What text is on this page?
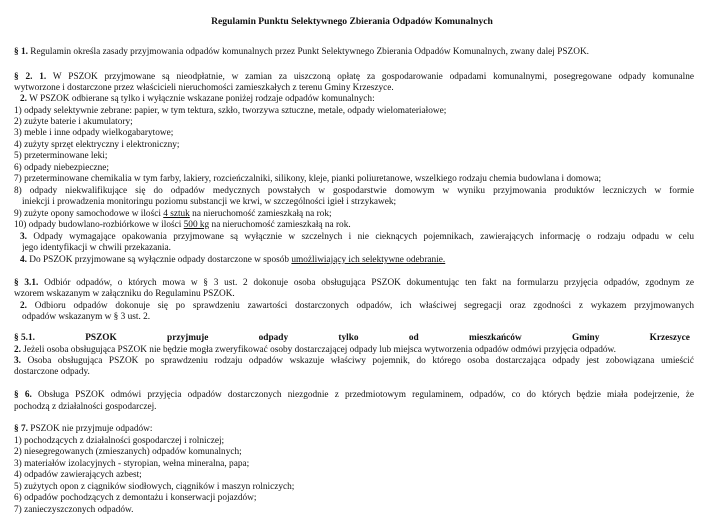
Regulamin Punktu Selektywnego Zbierania Odpadów Komunalnych
§ 1. Regulamin określa zasady przyjmowania odpadów komunalnych przez Punkt Selektywnego Zbierania Odpadów Komunalnych, zwany dalej PSZOK.
§ 2. 1. W PSZOK przyjmowane są nieodpłatnie, w zamian za uiszczoną opłatę za gospodarowanie odpadami komunalnymi, posegregowane odpady komunalne
wytworzone i dostarczone przez właścicieli nieruchomości zamieszkałych z terenu Gminy Krzeszyce.
2. W PSZOK odbierane są tylko i wyłącznie wskazane poniżej rodzaje odpadów komunalnych:
1) odpady selektywnie zebrane: papier, w tym tektura, szkło, tworzywa sztuczne, metale, odpady wielomateriałowe;
2) zużyte baterie i akumulatory;
3) meble i inne odpady wielkogabarytowe;
4) zużyty sprzęt elektryczny i elektroniczny;
5) przeterminowane leki;
6) odpady niebezpieczne;
7) przeterminowane chemikalia w tym farby, lakiery, rozcieńczalniki, silikony, kleje, pianki poliuretanowe, wszelkiego rodzaju chemia budowlana i domowa;
8) odpady niekwalifikujące się do odpadów medycznych powstałych w gospodarstwie domowym w wyniku przyjmowania produktów leczniczych w formie
iniekcji i prowadzenia monitoringu poziomu substancji we krwi, w szczególności igieł i strzykawek;
9) zużyte opony samochodowe w ilości 4 sztuk na nieruchomość zamieszkałą na rok;
10) odpady budowlano-rozbiórkowe w ilości 500 kg na nieruchomość zamieszkałą na rok.
3. Odpady wymagające opakowania przyjmowane są wyłącznie w szczelnych i nie cieknących pojemnikach, zawierających informację o rodzaju odpadu w celu
jego identyfikacji w chwili przekazania.
4. Do PSZOK przyjmowane są wyłącznie odpady dostarczone w sposób umożliwiający ich selektywne odebranie.
§ 3.1. Odbiór odpadów, o których mowa w § 3 ust. 2 dokonuje osoba obsługująca PSZOK dokumentując ten fakt na formularzu przyjęcia odpadów, zgodnym ze
wzorem wskazanym w załączniku do Regulaminu PSZOK.
2. Odbioru odpadów dokonuje się po sprawdzeniu zawartości dostarczonych odpadów, ich właściwej segregacji oraz zgodności z wykazem przyjmowanych
odpadów wskazanym w § 3 ust. 2.
§ 5.1.	PSZOK	przyjmuje	odpady	tylko	od	mieszkańców	Gminy	Krzeszyce
2. Jeżeli osoba obsługująca PSZOK nie będzie mogła zweryfikować osoby dostarczającej odpady lub miejsca wytworzenia odpadów odmówi przyjęcia odpadów.
3. Osoba obsługująca PSZOK po sprawdzeniu rodzaju odpadów wskazuje właściwy pojemnik, do którego osoba dostarczająca odpady jest zobowiązana umieścić
dostarczone odpady.
§ 6. Obsługa PSZOK odmówi przyjęcia odpadów dostarczonych niezgodnie z przedmiotowym regulaminem, odpadów, co do których będzie miała podejrzenie, że
pochodzą z działalności gospodarczej.
§ 7. PSZOK nie przyjmuje odpadów:
1) pochodzących z działalności gospodarczej i rolniczej;
2) niesegregowanych (zmieszanych) odpadów komunalnych;
3) materiałów izolacyjnych - styropian, wełna mineralna, papa;
4) odpadów zawierających azbest;
5) zużytych opon z ciągników siodłowych, ciągników i maszyn rolniczych;
6) odpadów pochodzących z demontażu i konserwacji pojazdów;
7) zanieczyszczonych odpadów.
